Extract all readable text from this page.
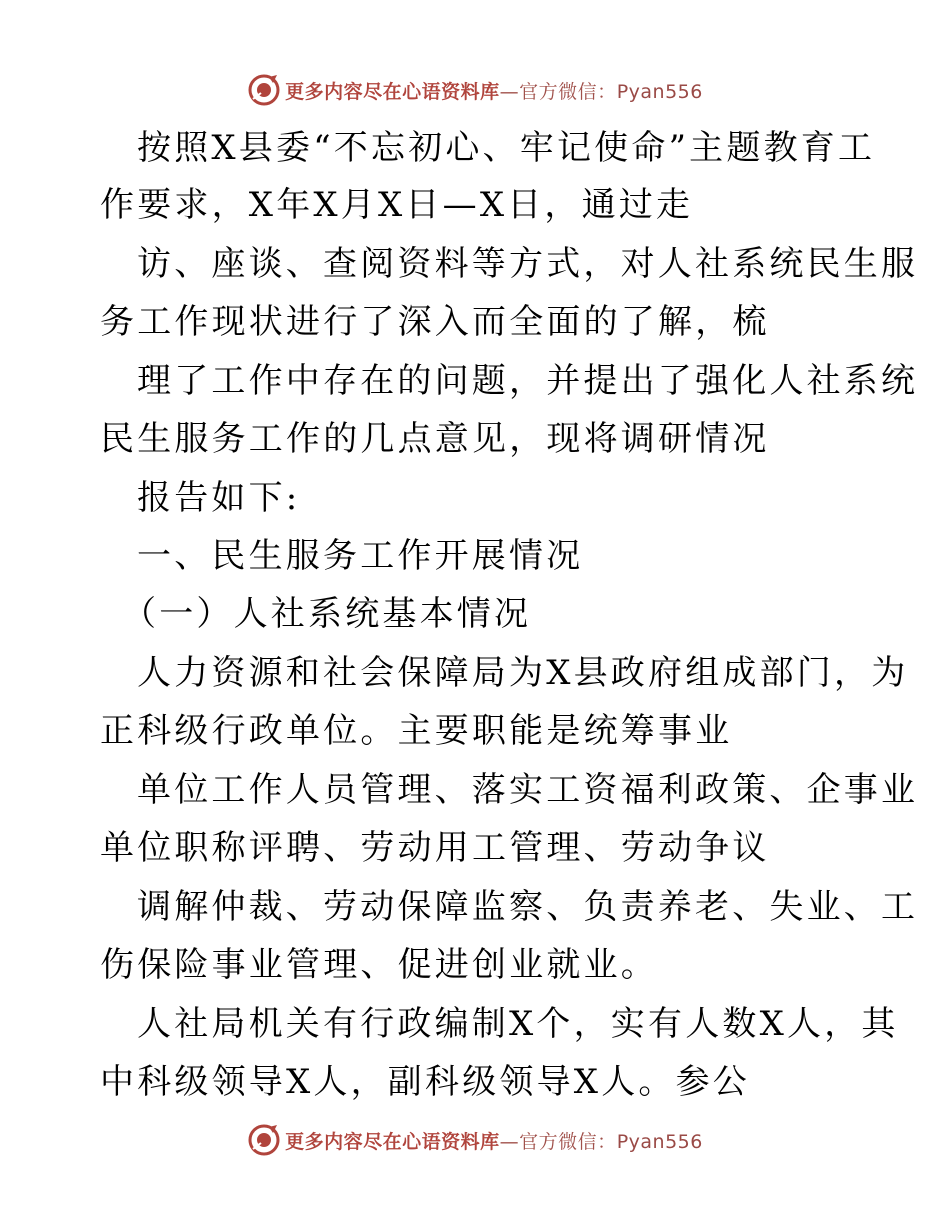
更多内容尽在心语资料库—官方微信：Pyan556
按照X县委“不忘初心、牢记使命”主题教育工
作要求，X年X月X日—X日，通过走
访、座谈、查阅资料等方式，对人社系统民生服
务工作现状进行了深入而全面的了解，梳
理了工作中存在的问题，并提出了强化人社系统
民生服务工作的几点意见，现将调研情况
报告如下:
一、民生服务工作开展情况
（一）人社系统基本情况
人力资源和社会保障局为X县政府组成部门，为
正科级行政单位。主要职能是统筹事业
单位工作人员管理、落实工资福利政策、企事业
单位职称评聘、劳动用工管理、劳动争议
调解仲裁、劳动保障监察、负责养老、失业、工
伤保险事业管理、促进创业就业。
人社局机关有行政编制X个，实有人数X人，其
中科级领导X人，副科级领导X人。参公
更多内容尽在心语资料库—官方微信：Pyan556
